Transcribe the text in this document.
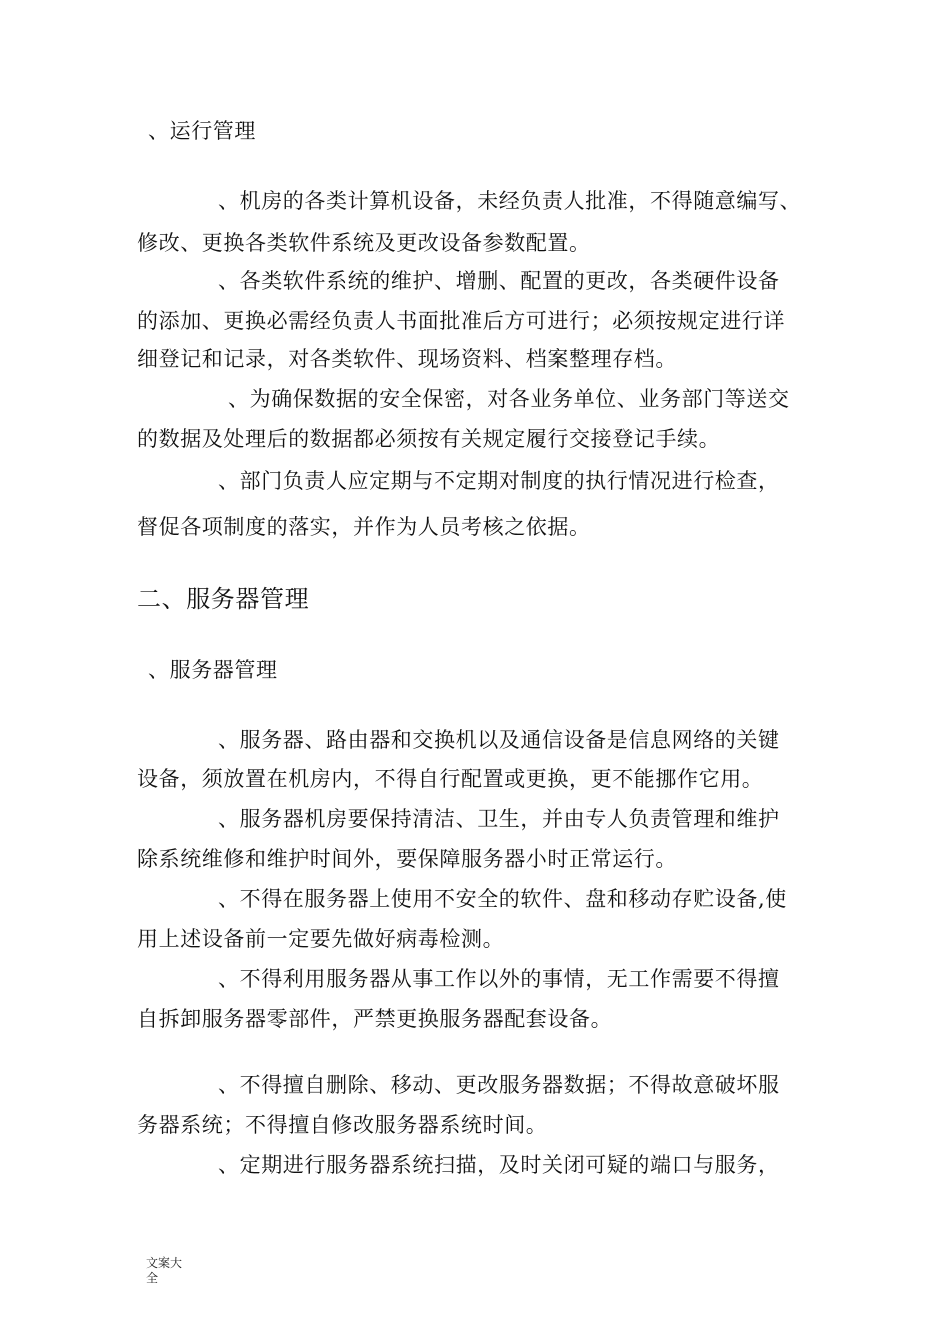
、运行管理
、机房的各类计算机设备，未经负责人批准，不得随意编写、
修改、更换各类软件系统及更改设备参数配置。
、各类软件系统的维护、增删、配置的更改，各类硬件设备
的添加、更换必需经负责人书面批准后方可进行；必须按规定进行详
细登记和记录，对各类软件、现场资料、档案整理存档。
、为确保数据的安全保密，对各业务单位、业务部门等送交
的数据及处理后的数据都必须按有关规定履行交接登记手续。
、部门负责人应定期与不定期对制度的执行情况进行检查，
督促各项制度的落实，并作为人员考核之依据。
二、服务器管理
、服务器管理
、服务器、路由器和交换机以及通信设备是信息网络的关键
设备，须放置在机房内，不得自行配置或更换，更不能挪作它用。
、服务器机房要保持清洁、卫生，并由专人负责管理和维护
除系统维修和维护时间外，要保障服务器小时正常运行。
、不得在服务器上使用不安全的软件、盘和移动存贮设备,使
用上述设备前一定要先做好病毒检测。
、不得利用服务器从事工作以外的事情，无工作需要不得擅
自拆卸服务器零部件，严禁更换服务器配套设备。
、不得擅自删除、移动、更改服务器数据；不得故意破坏服
务器系统；不得擅自修改服务器系统时间。
、定期进行服务器系统扫描，及时关闭可疑的端口与服务，
文案大全
